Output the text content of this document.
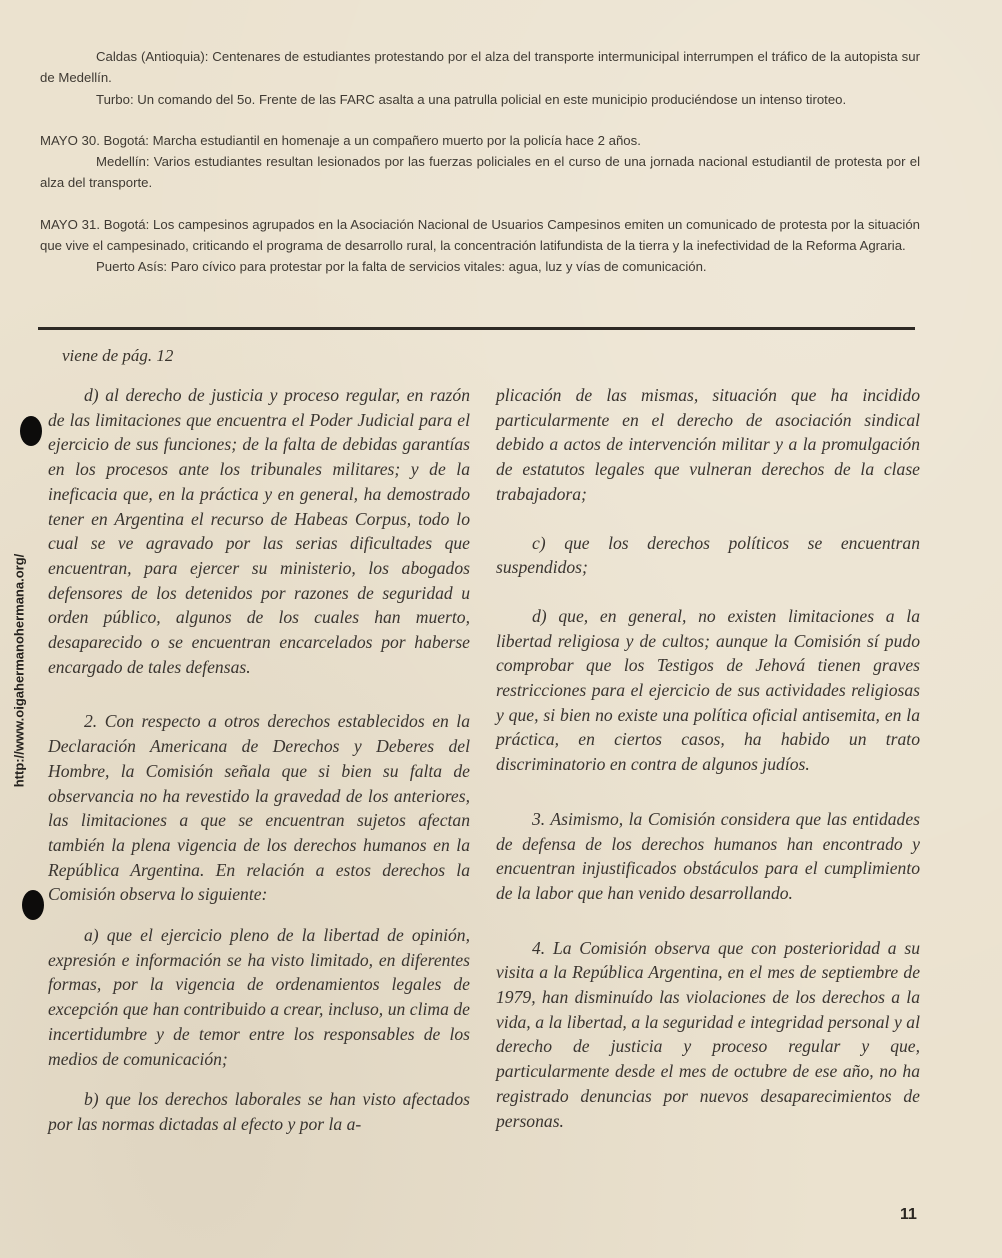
Caldas (Antioquia): Centenares de estudiantes protestando por el alza del transporte intermunicipal interrumpen el tráfico de la autopista sur de Medellín.

Turbo: Un comando del 5o. Frente de las FARC asalta a una patrulla policial en este municipio produciéndose un intenso tiroteo.

MAYO 30. Bogotá: Marcha estudiantil en homenaje a un compañero muerto por la policía hace 2 años.

Medellín: Varios estudiantes resultan lesionados por las fuerzas policiales en el curso de una jornada nacional estudiantil de protesta por el alza del transporte.

MAYO 31. Bogotá: Los campesinos agrupados en la Asociación Nacional de Usuarios Campesinos emiten un comunicado de protesta por la situación que vive el campesinado, criticando el programa de desarrollo rural, la concentración latifundista de la tierra y la inefectividad de la Reforma Agraria.

Puerto Asís: Paro cívico para protestar por la falta de servicios vitales: agua, luz y vías de comunicación.

viene de pág. 12

d) al derecho de justicia y proceso regular, en razón de las limitaciones que encuentra el Poder Judicial para el ejercicio de sus funciones; de la falta de debidas garantías en los procesos ante los tribunales militares; y de la ineficacia que, en la práctica y en general, ha demostrado tener en Argentina el recurso de Habeas Corpus, todo lo cual se ve agravado por las serias dificultades que encuentran, para ejercer su ministerio, los abogados defensores de los detenidos por razones de seguridad u orden público, algunos de los cuales han muerto, desaparecido o se encuentran encarcelados por haberse encargado de tales defensas.

2. Con respecto a otros derechos establecidos en la Declaración Americana de Derechos y Deberes del Hombre, la Comisión señala que si bien su falta de observancia no ha revestido la gravedad de los anteriores, las limitaciones a que se encuentran sujetos afectan también la plena vigencia de los derechos humanos en la República Argentina. En relación a estos derechos la Comisión observa lo siguiente:

a) que el ejercicio pleno de la libertad de opinión, expresión e información se ha visto limitado, en diferentes formas, por la vigencia de ordenamientos legales de excepción que han contribuido a crear, incluso, un clima de incertidumbre y de temor entre los responsables de los medios de comunicación;

b) que los derechos laborales se han visto afectados por las normas dictadas al efecto y por la a-

plicación de las mismas, situación que ha incidido particularmente en el derecho de asociación sindical debido a actos de intervención militar y a la promulgación de estatutos legales que vulneran derechos de la clase trabajadora;

c) que los derechos políticos se encuentran suspendidos;

d) que, en general, no existen limitaciones a la libertad religiosa y de cultos; aunque la Comisión sí pudo comprobar que los Testigos de Jehová tienen graves restricciones para el ejercicio de sus actividades religiosas y que, si bien no existe una política oficial antisemita, en la práctica, en ciertos casos, ha habido un trato discriminatorio en contra de algunos judíos.

3. Asimismo, la Comisión considera que las entidades de defensa de los derechos humanos han encontrado y encuentran injustificados obstáculos para el cumplimiento de la labor que han venido desarrollando.

4. La Comisión observa que con posterioridad a su visita a la República Argentina, en el mes de septiembre de 1979, han disminuído las violaciones de los derechos a la vida, a la libertad, a la seguridad e integridad personal y al derecho de justicia y proceso regular y que, particularmente desde el mes de octubre de ese año, no ha registrado denuncias por nuevos desaparecimientos de personas.

http://www.oigahermanohermana.org/
11
